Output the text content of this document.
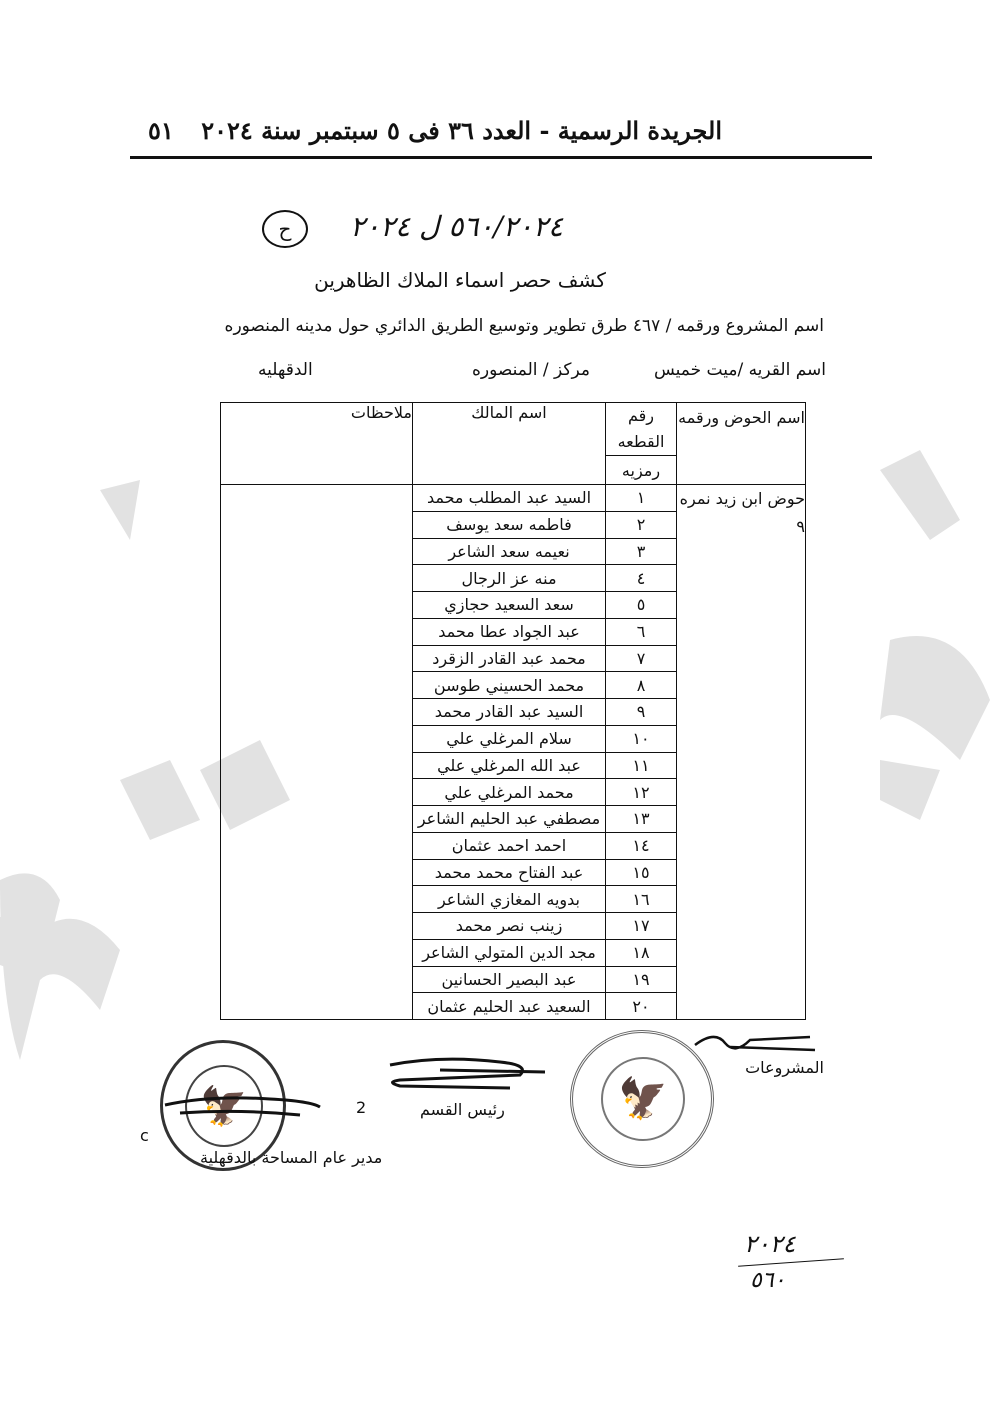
الجريدة الرسمية - العدد ٣٦ فى ٥ سبتمبر سنة ٢٠٢٤
٥١
٥٦٠/٢٠٢٤ ل ٢٠٢٤
ح
كشف حصر اسماء الملاك الظاهرين
اسم المشروع ورقمه / ٤٦٧ طرق تطوير وتوسيع الطريق الدائري حول مدينه المنصوره
اسم القريه /ميت خميس
مركز / المنصوره
الدقهليه
اسم الحوض ورقمه	رقم القطعه	اسم المالك	ملاحظات
	رمزيه		
حوض ابن زيد نمره ٩	١	السيد عبد المطلب محمد	
	٢	فاطمه سعد يوسف	
	٣	نعيمه سعد الشاعر	
	٤	منه عز الرجال	
	٥	سعد السعيد حجازي	
	٦	عبد الجواد عطا محمد	
	٧	محمد عبد القادر الزقرد	
	٨	محمد الحسيني طوسن	
	٩	السيد عبد القادر محمد	
	١٠	سلام المرغلي علي	
	١١	عبد الله المرغلي علي	
	١٢	محمد المرغلي علي	
	١٣	مصطفي عبد الحليم الشاعر	
	١٤	احمد احمد عثمان	
	١٥	عبد الفتاح محمد محمد	
	١٦	بدويه المغازي الشاعر	
	١٧	زينب نصر محمد	
	١٨	مجد الدين المتولي الشاعر	
	١٩	عبد البصير الحسانين	
	٢٠	السعيد عبد الحليم عثمان	
المشروعات
🦅
2	رئيس القسم
🦅
c
مدير عام المساحة بالدقهلية
٢٠٢٤
٥٦٠
